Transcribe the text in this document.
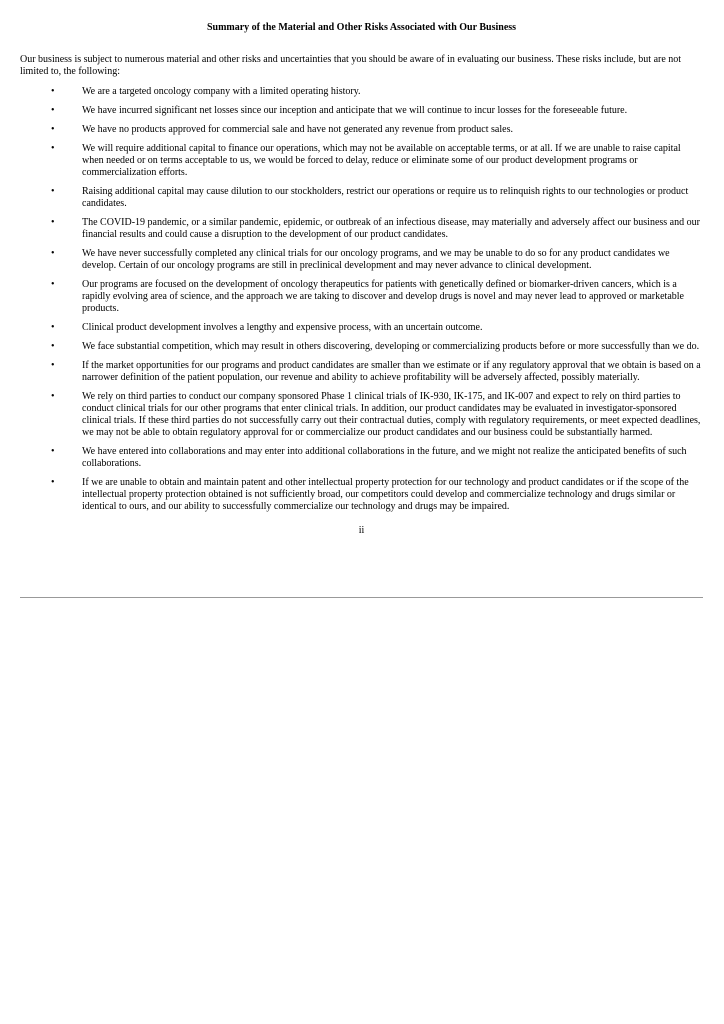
Summary of the Material and Other Risks Associated with Our Business

Our business is subject to numerous material and other risks and uncertainties that you should be aware of in evaluating our business. These risks include, but are not limited to, the following:

•	We are a targeted oncology company with a limited operating history.
•	We have incurred significant net losses since our inception and anticipate that we will continue to incur losses for the foreseeable future.
•	We have no products approved for commercial sale and have not generated any revenue from product sales.
•	We will require additional capital to finance our operations, which may not be available on acceptable terms, or at all. If we are unable to raise capital when needed or on terms acceptable to us, we would be forced to delay, reduce or eliminate some of our product development programs or commercialization efforts.
•	Raising additional capital may cause dilution to our stockholders, restrict our operations or require us to relinquish rights to our technologies or product candidates.
•	The COVID-19 pandemic, or a similar pandemic, epidemic, or outbreak of an infectious disease, may materially and adversely affect our business and our financial results and could cause a disruption to the development of our product candidates.
•	We have never successfully completed any clinical trials for our oncology programs, and we may be unable to do so for any product candidates we develop. Certain of our oncology programs are still in preclinical development and may never advance to clinical development.
•	Our programs are focused on the development of oncology therapeutics for patients with genetically defined or biomarker-driven cancers, which is a rapidly evolving area of science, and the approach we are taking to discover and develop drugs is novel and may never lead to approved or marketable products.
•	Clinical product development involves a lengthy and expensive process, with an uncertain outcome.
•	We face substantial competition, which may result in others discovering, developing or commercializing products before or more successfully than we do.
•	If the market opportunities for our programs and product candidates are smaller than we estimate or if any regulatory approval that we obtain is based on a narrower definition of the patient population, our revenue and ability to achieve profitability will be adversely affected, possibly materially.
•	We rely on third parties to conduct our company sponsored Phase 1 clinical trials of IK-930, IK-175, and IK-007 and expect to rely on third parties to conduct clinical trials for our other programs that enter clinical trials. In addition, our product candidates may be evaluated in investigator-sponsored clinical trials. If these third parties do not successfully carry out their contractual duties, comply with regulatory requirements, or meet expected deadlines, we may not be able to obtain regulatory approval for or commercialize our product candidates and our business could be substantially harmed.
•	We have entered into collaborations and may enter into additional collaborations in the future, and we might not realize the anticipated benefits of such collaborations.
•	If we are unable to obtain and maintain patent and other intellectual property protection for our technology and product candidates or if the scope of the intellectual property protection obtained is not sufficiently broad, our competitors could develop and commercialize technology and drugs similar or identical to ours, and our ability to successfully commercialize our technology and drugs may be impaired.
ii
